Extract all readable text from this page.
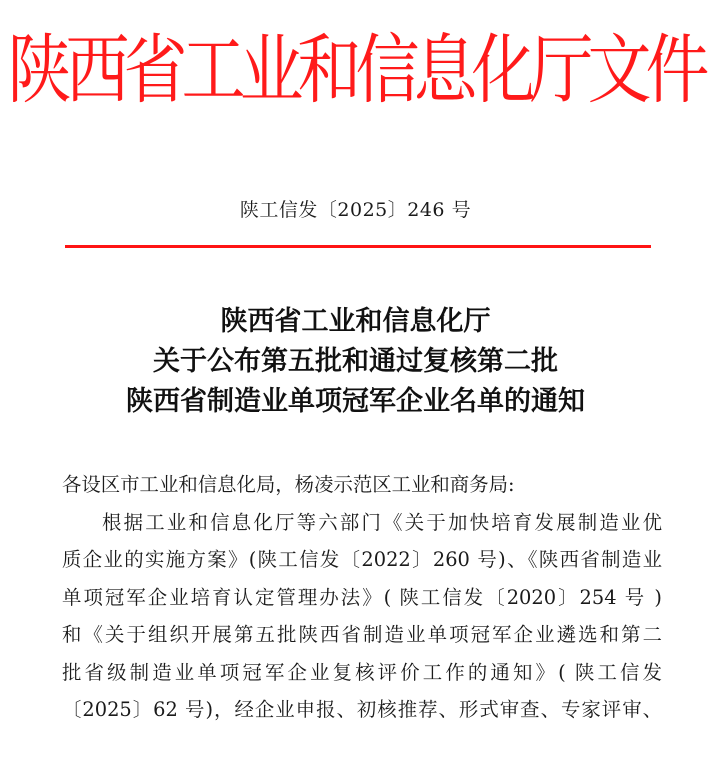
陕西省工业和信息化厅文件
陕工信发〔2025〕246 号
陕西省工业和信息化厅
关于公布第五批和通过复核第二批
陕西省制造业单项冠军企业名单的通知
各设区市工业和信息化局，杨凌示范区工业和商务局:
根据工业和信息化厅等六部门《关于加快培育发展制造业优
质企业的实施方案》(陕工信发〔2022〕260 号)、《陕西省制造业
单项冠军企业培育认定管理办法》( 陕工信发〔2020〕254 号 )
和《关于组织开展第五批陕西省制造业单项冠军企业遴选和第二
批省级制造业单项冠军企业复核评价工作的通知》( 陕工信发
〔2025〕62 号)，经企业申报、初核推荐、形式审查、专家评审、
